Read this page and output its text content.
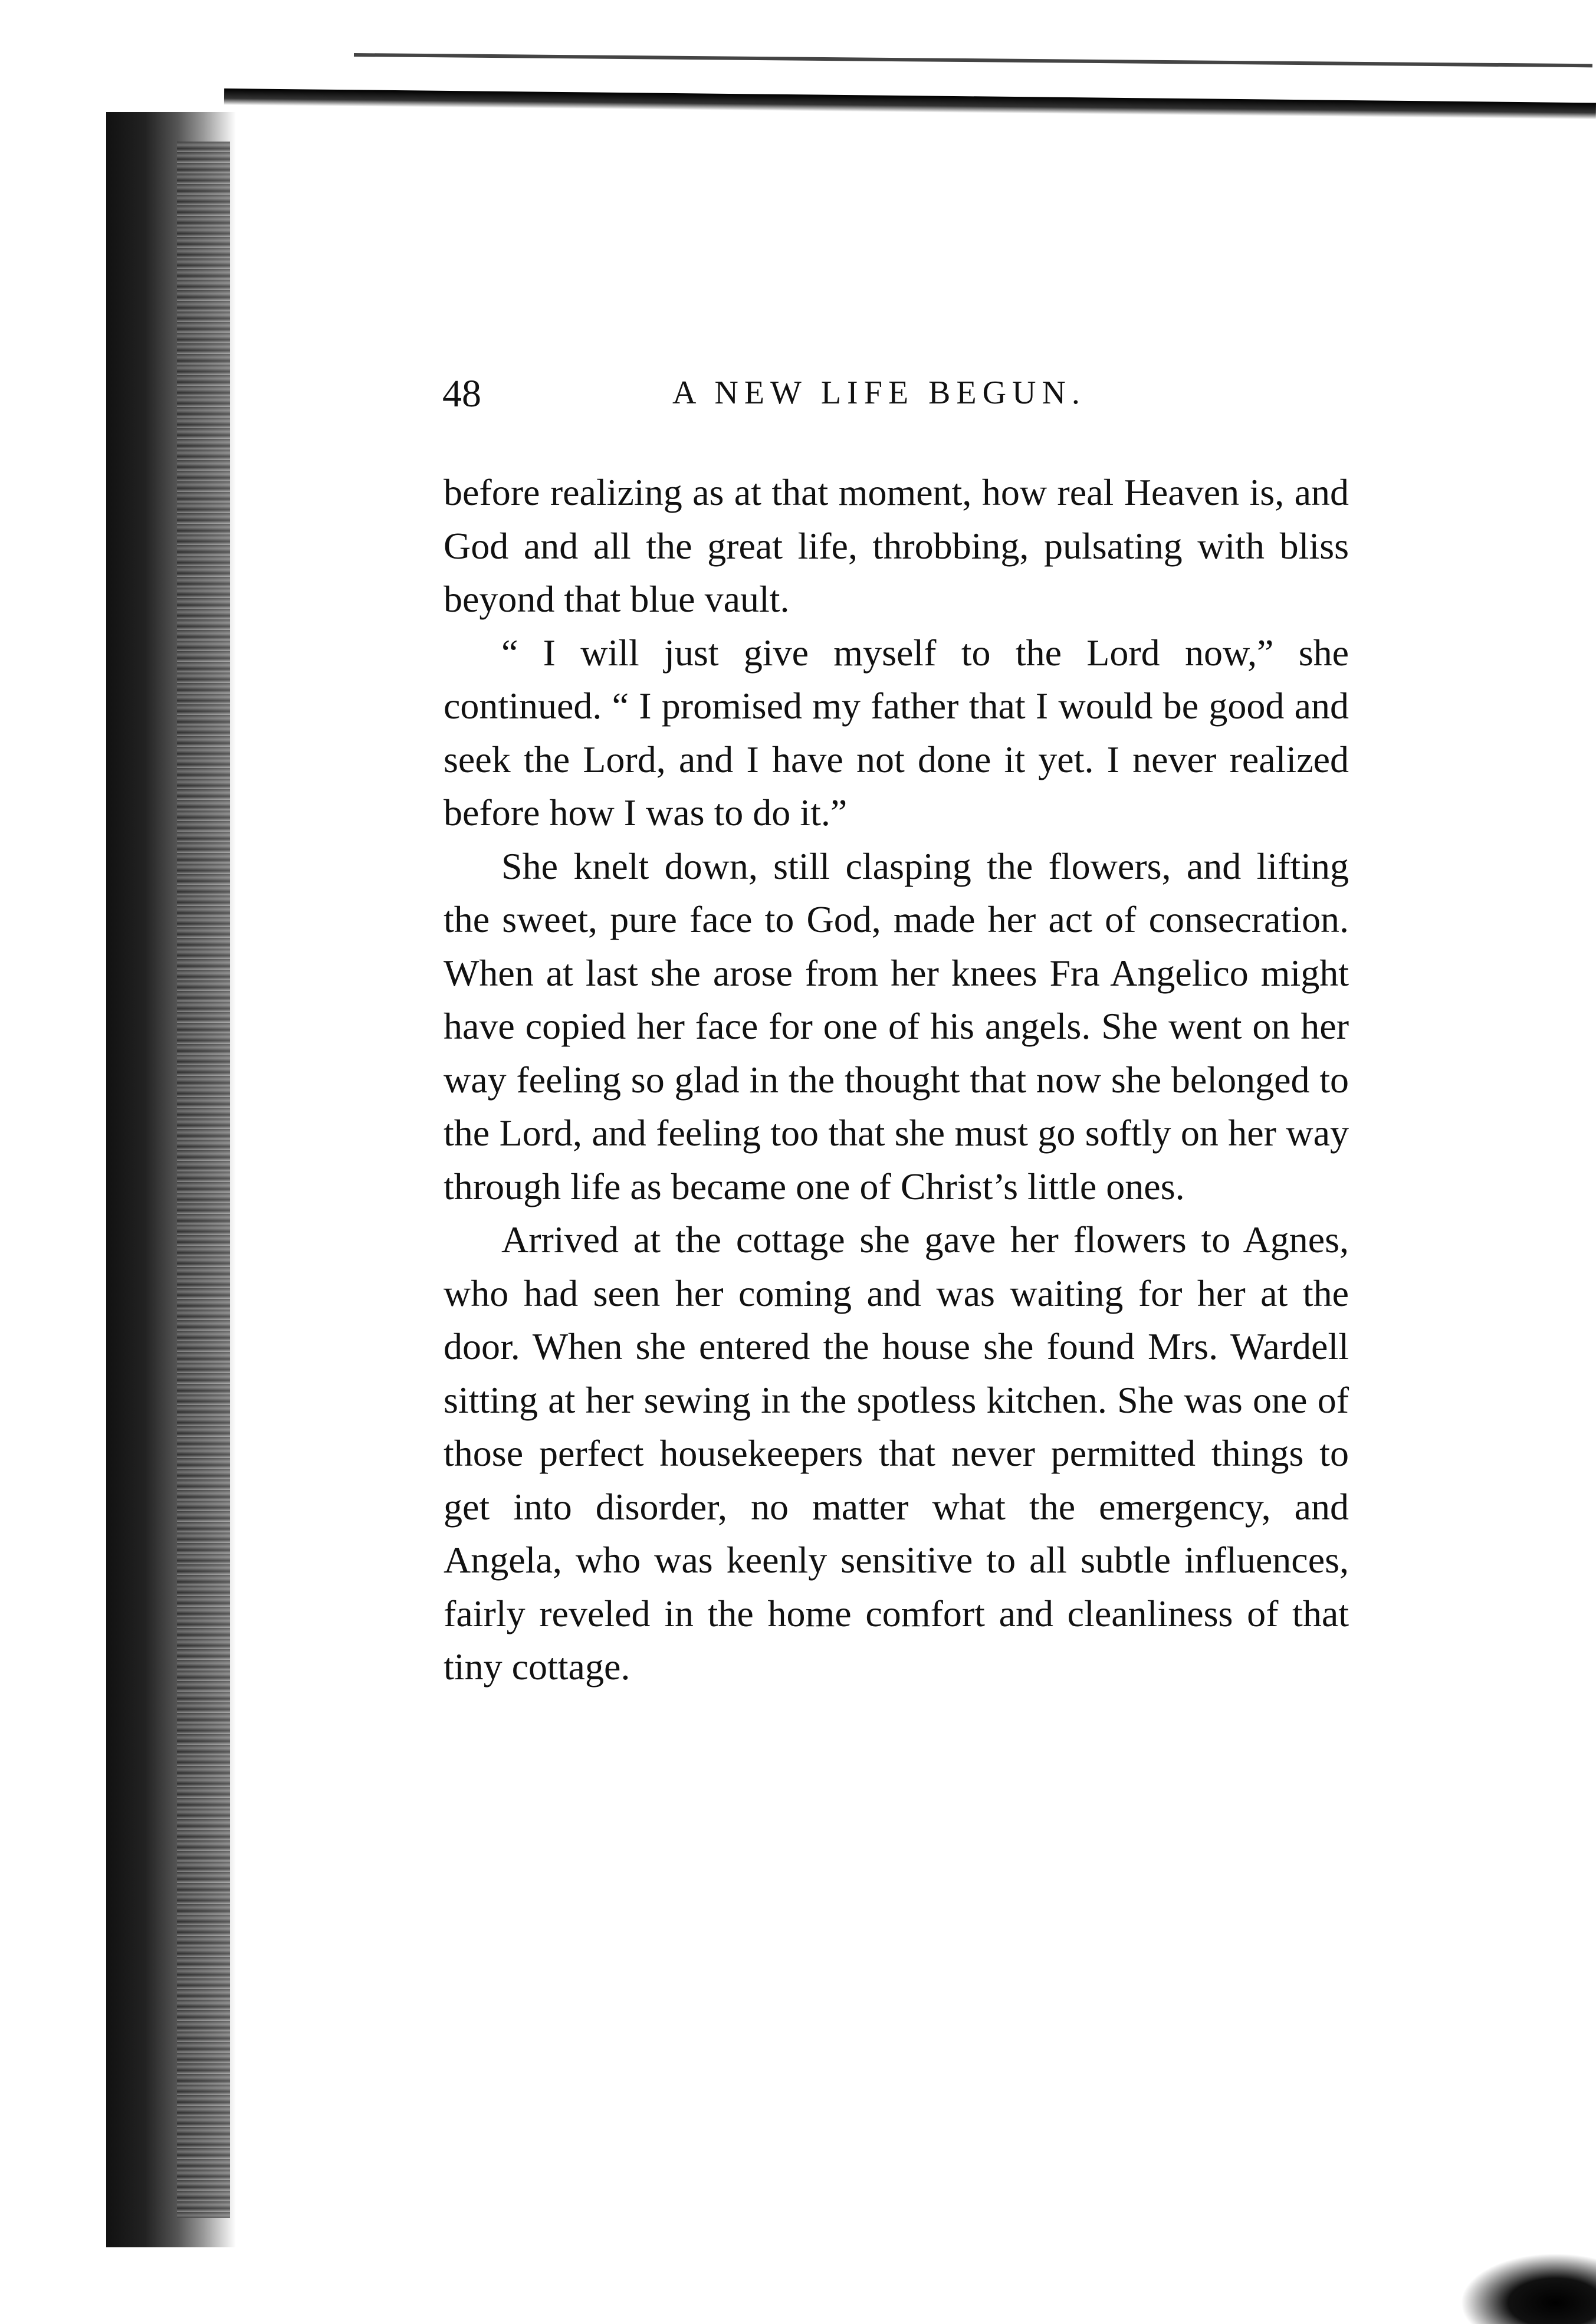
48	A NEW LIFE BEGUN.

before realizing as at that moment, how real Heaven is, and God and all the great life, throbbing, pulsating with bliss beyond that blue vault.

“ I will just give myself to the Lord now,” she continued. “ I promised my father that I would be good and seek the Lord, and I have not done it yet. I never realized before how I was to do it.”

She knelt down, still clasping the flowers, and lifting the sweet, pure face to God, made her act of consecration. When at last she arose from her knees Fra Angelico might have copied her face for one of his angels. She went on her way feeling so glad in the thought that now she belonged to the Lord, and feeling too that she must go softly on her way through life as became one of Christ’s little ones.

Arrived at the cottage she gave her flowers to Agnes, who had seen her coming and was waiting for her at the door. When she entered the house she found Mrs. Wardell sitting at her sewing in the spotless kitchen. She was one of those perfect housekeepers that never permitted things to get into disorder, no matter what the emergency, and Angela, who was keenly sensitive to all subtle influences, fairly reveled in the home comfort and cleanliness of that tiny cottage.
